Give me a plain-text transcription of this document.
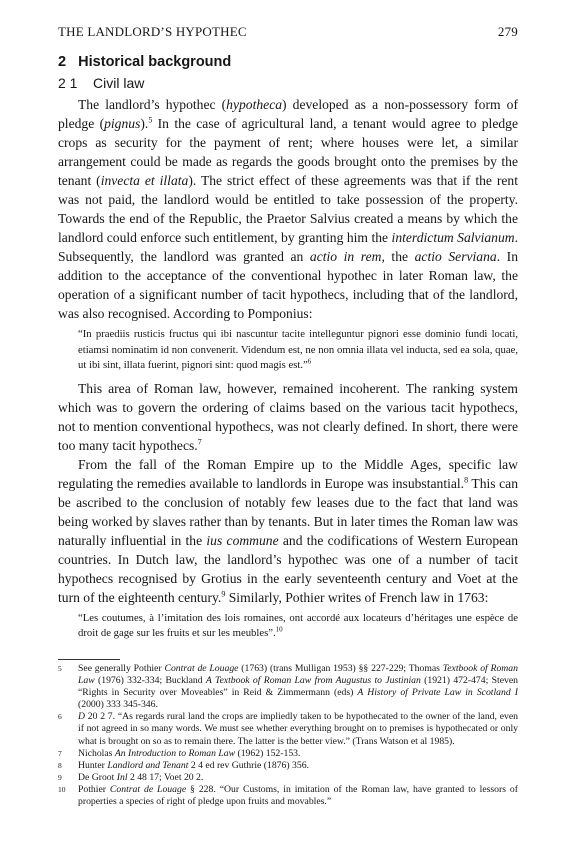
THE LANDLORD’S HYPOTHEC	279
2 Historical background
2 1 Civil law

The landlord’s hypothec (hypotheca) developed as a non-possessory form of pledge (pignus).$^5$ In the case of agricultural land, a tenant would agree to pledge crops as security for the payment of rent; where houses were let, a similar arrangement could be made as regards the goods brought onto the premises by the tenant (invecta et illata). The strict effect of these agreements was that if the rent was not paid, the landlord would be entitled to take possession of the property. Towards the end of the Republic, the Praetor Salvius created a means by which the landlord could enforce such entitlement, by granting him the interdictum Salvianum. Subsequently, the landlord was granted an actio in rem, the actio Serviana. In addition to the acceptance of the conventional hypothec in later Roman law, the operation of a significant number of tacit hypothecs, including that of the landlord, was also recognised. According to Pomponius:

“In praediis rusticis fructus qui ibi nascuntur tacite intelleguntur pignori esse dominio fundi locati, etiamsi nominatim id non convenerit. Videndum est, ne non omnia illata vel inducta, sed ea sola, quae, ut ibi sint, illata fuerint, pignori sint: quod magis est.”$^6$

This area of Roman law, however, remained incoherent. The ranking system which was to govern the ordering of claims based on the various tacit hypothecs, not to mention conventional hypothecs, was not clearly defined. In short, there were too many tacit hypothecs.$^7$

From the fall of the Roman Empire up to the Middle Ages, specific law regulating the remedies available to landlords in Europe was insubstantial.$^8$ This can be ascribed to the conclusion of notably few leases due to the fact that land was being worked by slaves rather than by tenants. But in later times the Roman law was naturally influential in the ius commune and the codifications of Western European countries. In Dutch law, the landlord’s hypothec was one of a number of tacit hypothecs recognised by Grotius in the early seventeenth century and Voet at the turn of the eighteenth century.$^9$ Similarly, Pothier writes of French law in 1763:

“Les coutumes, à l’imitation des lois romaines, ont accordé aux locateurs d’héritages une espèce de droit de gage sur les fruits et sur les meubles”.$^{10}$
5	See generally Pothier Contrat de Louage (1763) (trans Mulligan 1953) §§ 227-229; Thomas Textbook of Roman Law (1976) 332-334; Buckland A Textbook of Roman Law from Augustus to Justinian (1921) 472-474; Steven “Rights in Security over Moveables” in Reid & Zimmermann (eds) A History of Private Law in Scotland I (2000) 333 345-346.
6	D 20 2 7. “As regards rural land the crops are impliedly taken to be hypothecated to the owner of the land, even if not agreed in so many words. We must see whether everything brought on to premises is hypothecated or only what is brought on so as to remain there. The latter is the better view.” (Trans Watson et al 1985).
7	Nicholas An Introduction to Roman Law (1962) 152-153.
8	Hunter Landlord and Tenant 2 4 ed rev Guthrie (1876) 356.
9	De Groot Inl 2 48 17; Voet 20 2.
10	Pothier Contrat de Louage § 228. “Our Customs, in imitation of the Roman law, have granted to lessors of properties a species of right of pledge upon fruits and movables.”
